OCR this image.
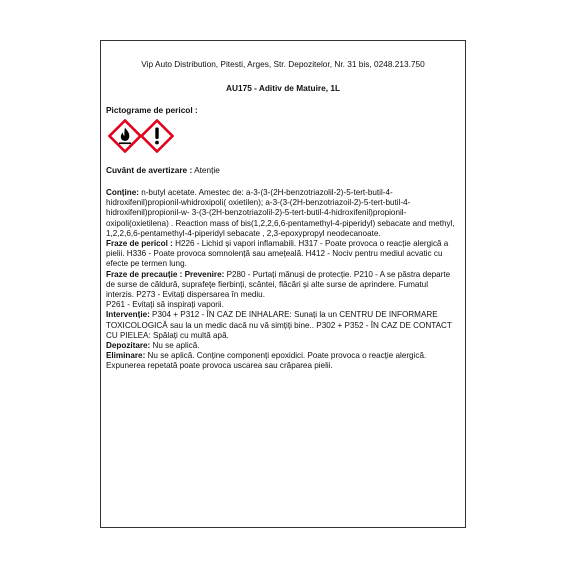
Vip Auto Distribution, Pitesti, Arges, Str. Depozitelor, Nr. 31 bis, 0248.213.750
AU175 - Aditiv de Matuire, 1L
Pictograme de pericol :
Cuvânt de avertizare : Atenție

Conține: n-butyl acetate. Amestec de: a-3-(3-(2H-benzotriazolil-2)-5-tert-butil-4-hidroxifenil)propionil-whidroxipoli( oxietilen); a-3-(3-(2H-benzotriazoil-2)-5-tert-butil-4-hidroxifenil)propionil-w- 3-(3-(2H-benzotriazolil-2)-5-tert-butil-4-hidroxifenil)propioniloxipoli(oxietilena) . Reaction mass of bis(1,2,2,6,6-pentamethyl-4-piperidyl) sebacate and methyl, 1,2,2,6,6-pentamethyl-4-piperidyl sebacate , 2,3-epoxypropyl neodecanoate.

Fraze de pericol : H226 - Lichid și vapori inflamabili. H317 - Poate provoca o reacție alergică a pielii. H336 - Poate provoca somnolență sau amețeală. H412 - Nociv pentru mediul acvatic cu efecte pe termen lung.

Fraze de precauție : Prevenire: P280 - Purtați mănuși de protecție. P210 - A se păstra departe de surse de căldură, suprafețe fierbinți, scântei, flăcări și alte surse de aprindere. Fumatul interzis. P273 - Evitați dispersarea în mediu.

P261 - Evitați să inspirați vaporii.

Intervenție: P304 + P312 - ÎN CAZ DE INHALARE: Sunați la un CENTRU DE INFORMARE TOXICOLOGICĂ sau la un medic dacă nu vă simțiți bine.. P302 + P352 - ÎN CAZ DE CONTACT CU PIELEA: Spălați cu multă apă.

Depozitare: Nu se aplică.

Eliminare: Nu se aplică. Conține componenți epoxidici. Poate provoca o reacție alergică. Expunerea repetată poate provoca uscarea sau crăparea pielii.
